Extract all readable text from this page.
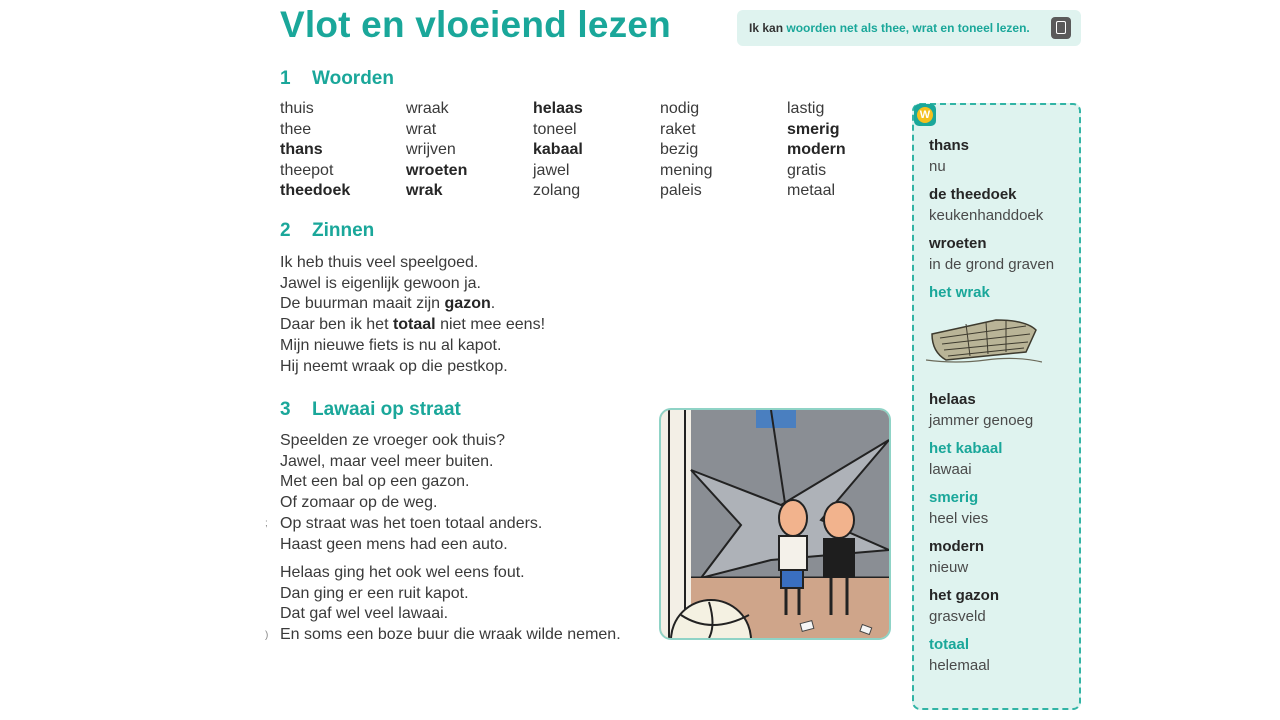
Vlot en vloeiend lezen	Ik kan woorden net als thee, wrat en toneel lezen.
1 Woorden
thuis
thee
thans
theepot
theedoek
wraak
wrat
wrijven
wroeten
wrak
helaas
toneel
kabaal
jawel
zolang
nodig
raket
bezig
mening
paleis
lastig
smerig
modern
gratis
metaal
2 Zinnen
Ik heb thuis veel speelgoed.
Jawel is eigenlijk gewoon ja.
De buurman maait zijn gazon.
Daar ben ik het totaal niet mee eens!
Mijn nieuwe fiets is nu al kapot.
Hij neemt wraak op die pestkop.
3 Lawaai op straat
Speelden ze vroeger ook thuis?
Jawel, maar veel meer buiten.
Met een bal op een gazon.
Of zomaar op de weg.
Op straat was het toen totaal anders.
Haast geen mens had een auto.
Helaas ging het ook wel eens fout.
Dan ging er een ruit kapot.
Dat gaf wel veel lawaai.
En soms een boze buur die wraak wilde nemen.
;
)
W
thans
nu
de theedoek
keukenhanddoek
wroeten
in de grond graven
het wrak
helaas
jammer genoeg
het kabaal
lawaai
smerig
heel vies
modern
nieuw
het gazon
grasveld
totaal
helemaal
